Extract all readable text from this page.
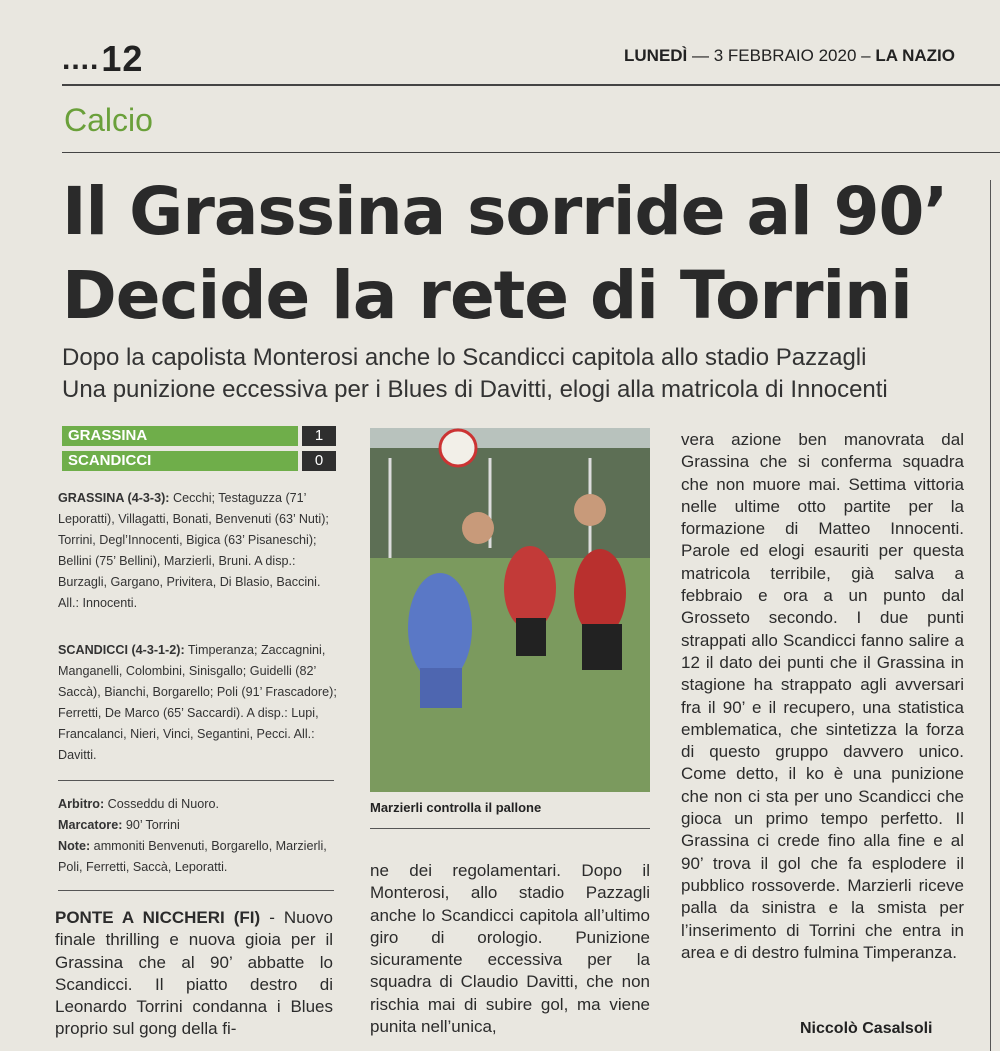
....12	LUNEDÌ — 3 FEBBRAIO 2020 – LA NAZIO
Calcio
Il Grassina sorride al 90’
Decide la rete di Torrini
Dopo la capolista Monterosi anche lo Scandicci capitola allo stadio Pazzagli
Una punizione eccessiva per i Blues di Davitti, elogi alla matricola di Innocenti
GRASSINA	1
SCANDICCI	0
GRASSINA (4-3-3): Cecchi; Testaguzza (71’ Leporatti), Villagatti, Bonati, Benvenuti (63’ Nuti); Torrini, Degl’Innocenti, Bigica (63’ Pisaneschi); Bellini (75’ Bellini), Marzierli, Bruni. A disp.: Burzagli, Gargano, Privitera, Di Blasio, Baccini. All.: Innocenti.
SCANDICCI (4-3-1-2): Timperanza; Zaccagnini, Manganelli, Colombini, Sinisgallo; Guidelli (82’ Saccà), Bianchi, Borgarello; Poli (91’ Frascadore); Ferretti, De Marco (65’ Saccardi). A disp.: Lupi, Francalanci, Nieri, Vinci, Segantini, Pecci. All.: Davitti.
Arbitro: Cosseddu di Nuoro.
Marcatore: 90’ Torrini
Note: ammoniti Benvenuti, Borgarello, Marzierli, Poli, Ferretti, Saccà, Leporatti.
PONTE A NICCHERI (FI) - Nuovo finale thrilling e nuova gioia per il Grassina che al 90’ abbatte lo Scandicci. Il piatto destro di Leonardo Torrini condanna i Blues proprio sul gong della fi-
Marzierli controlla il pallone
ne dei regolamentari. Dopo il Monterosi, allo stadio Pazzagli anche lo Scandicci capitola all’ultimo giro di orologio. Punizione sicuramente eccessiva per la squadra di Claudio Davitti, che non rischia mai di subire gol, ma viene punita nell’unica,
vera azione ben manovrata dal Grassina che si conferma squadra che non muore mai. Settima vittoria nelle ultime otto partite per la formazione di Matteo Innocenti. Parole ed elogi esauriti per questa matricola terribile, già salva a febbraio e ora a un punto dal Grosseto secondo. I due punti strappati allo Scandicci fanno salire a 12 il dato dei punti che il Grassina in stagione ha strappato agli avversari fra il 90’ e il recupero, una statistica emblematica, che sintetizza la forza di questo gruppo davvero unico. Come detto, il ko è una punizione che non ci sta per uno Scandicci che gioca un primo tempo perfetto. Il Grassina ci crede fino alla fine e al 90’ trova il gol che fa esplodere il pubblico rossoverde. Marzierli riceve palla da sinistra e la smista per l’inserimento di Torrini che entra in area e di destro fulmina Timperanza.
Niccolò Casalsoli
